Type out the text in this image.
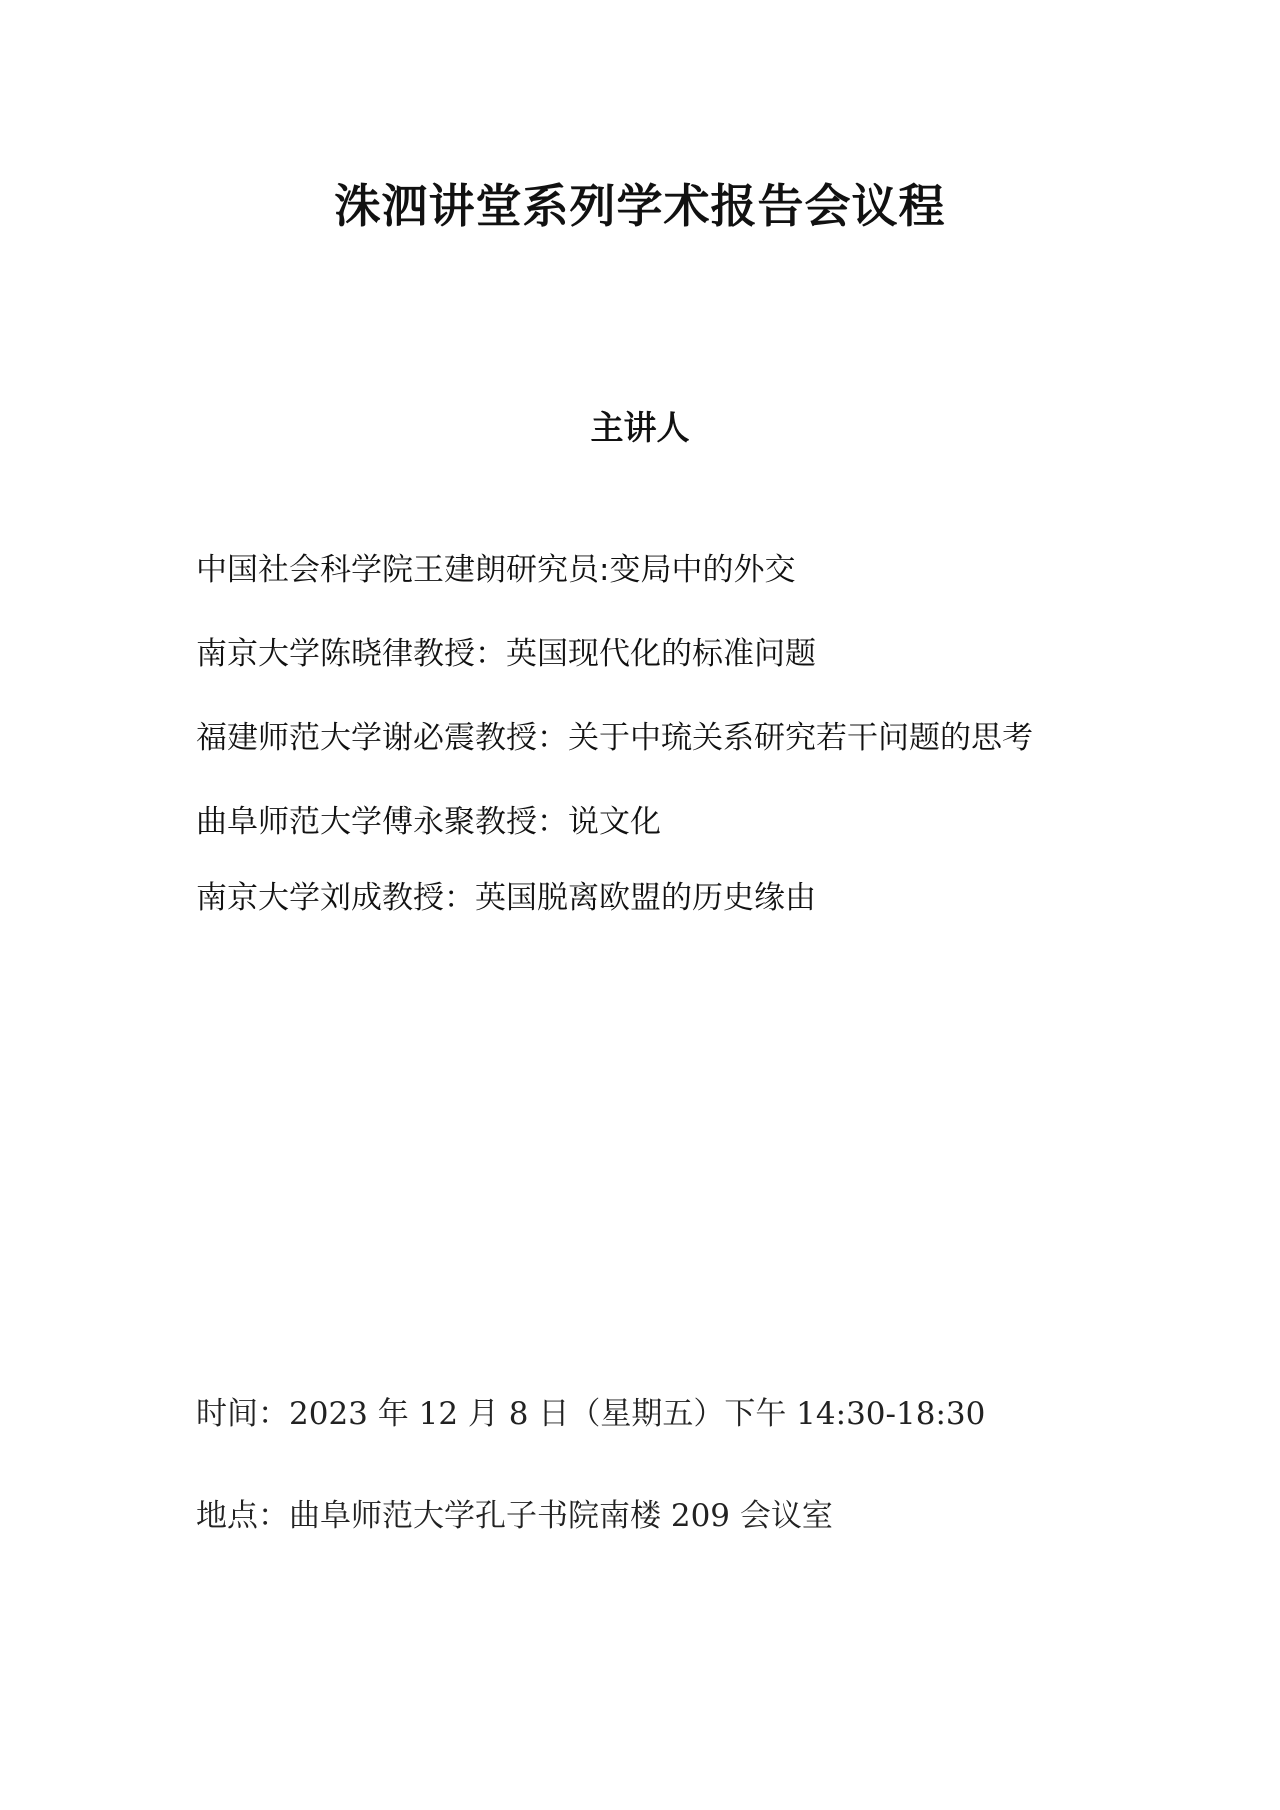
洙泗讲堂系列学术报告会议程
主讲人
中国社会科学院王建朗研究员:变局中的外交
南京大学陈晓律教授：英国现代化的标准问题
福建师范大学谢必震教授：关于中琉关系研究若干问题的思考
曲阜师范大学傅永聚教授：说文化
南京大学刘成教授：英国脱离欧盟的历史缘由

时间：2023 年 12 月 8 日（星期五）下午 14:30-18:30

地点：曲阜师范大学孔子书院南楼 209 会议室
